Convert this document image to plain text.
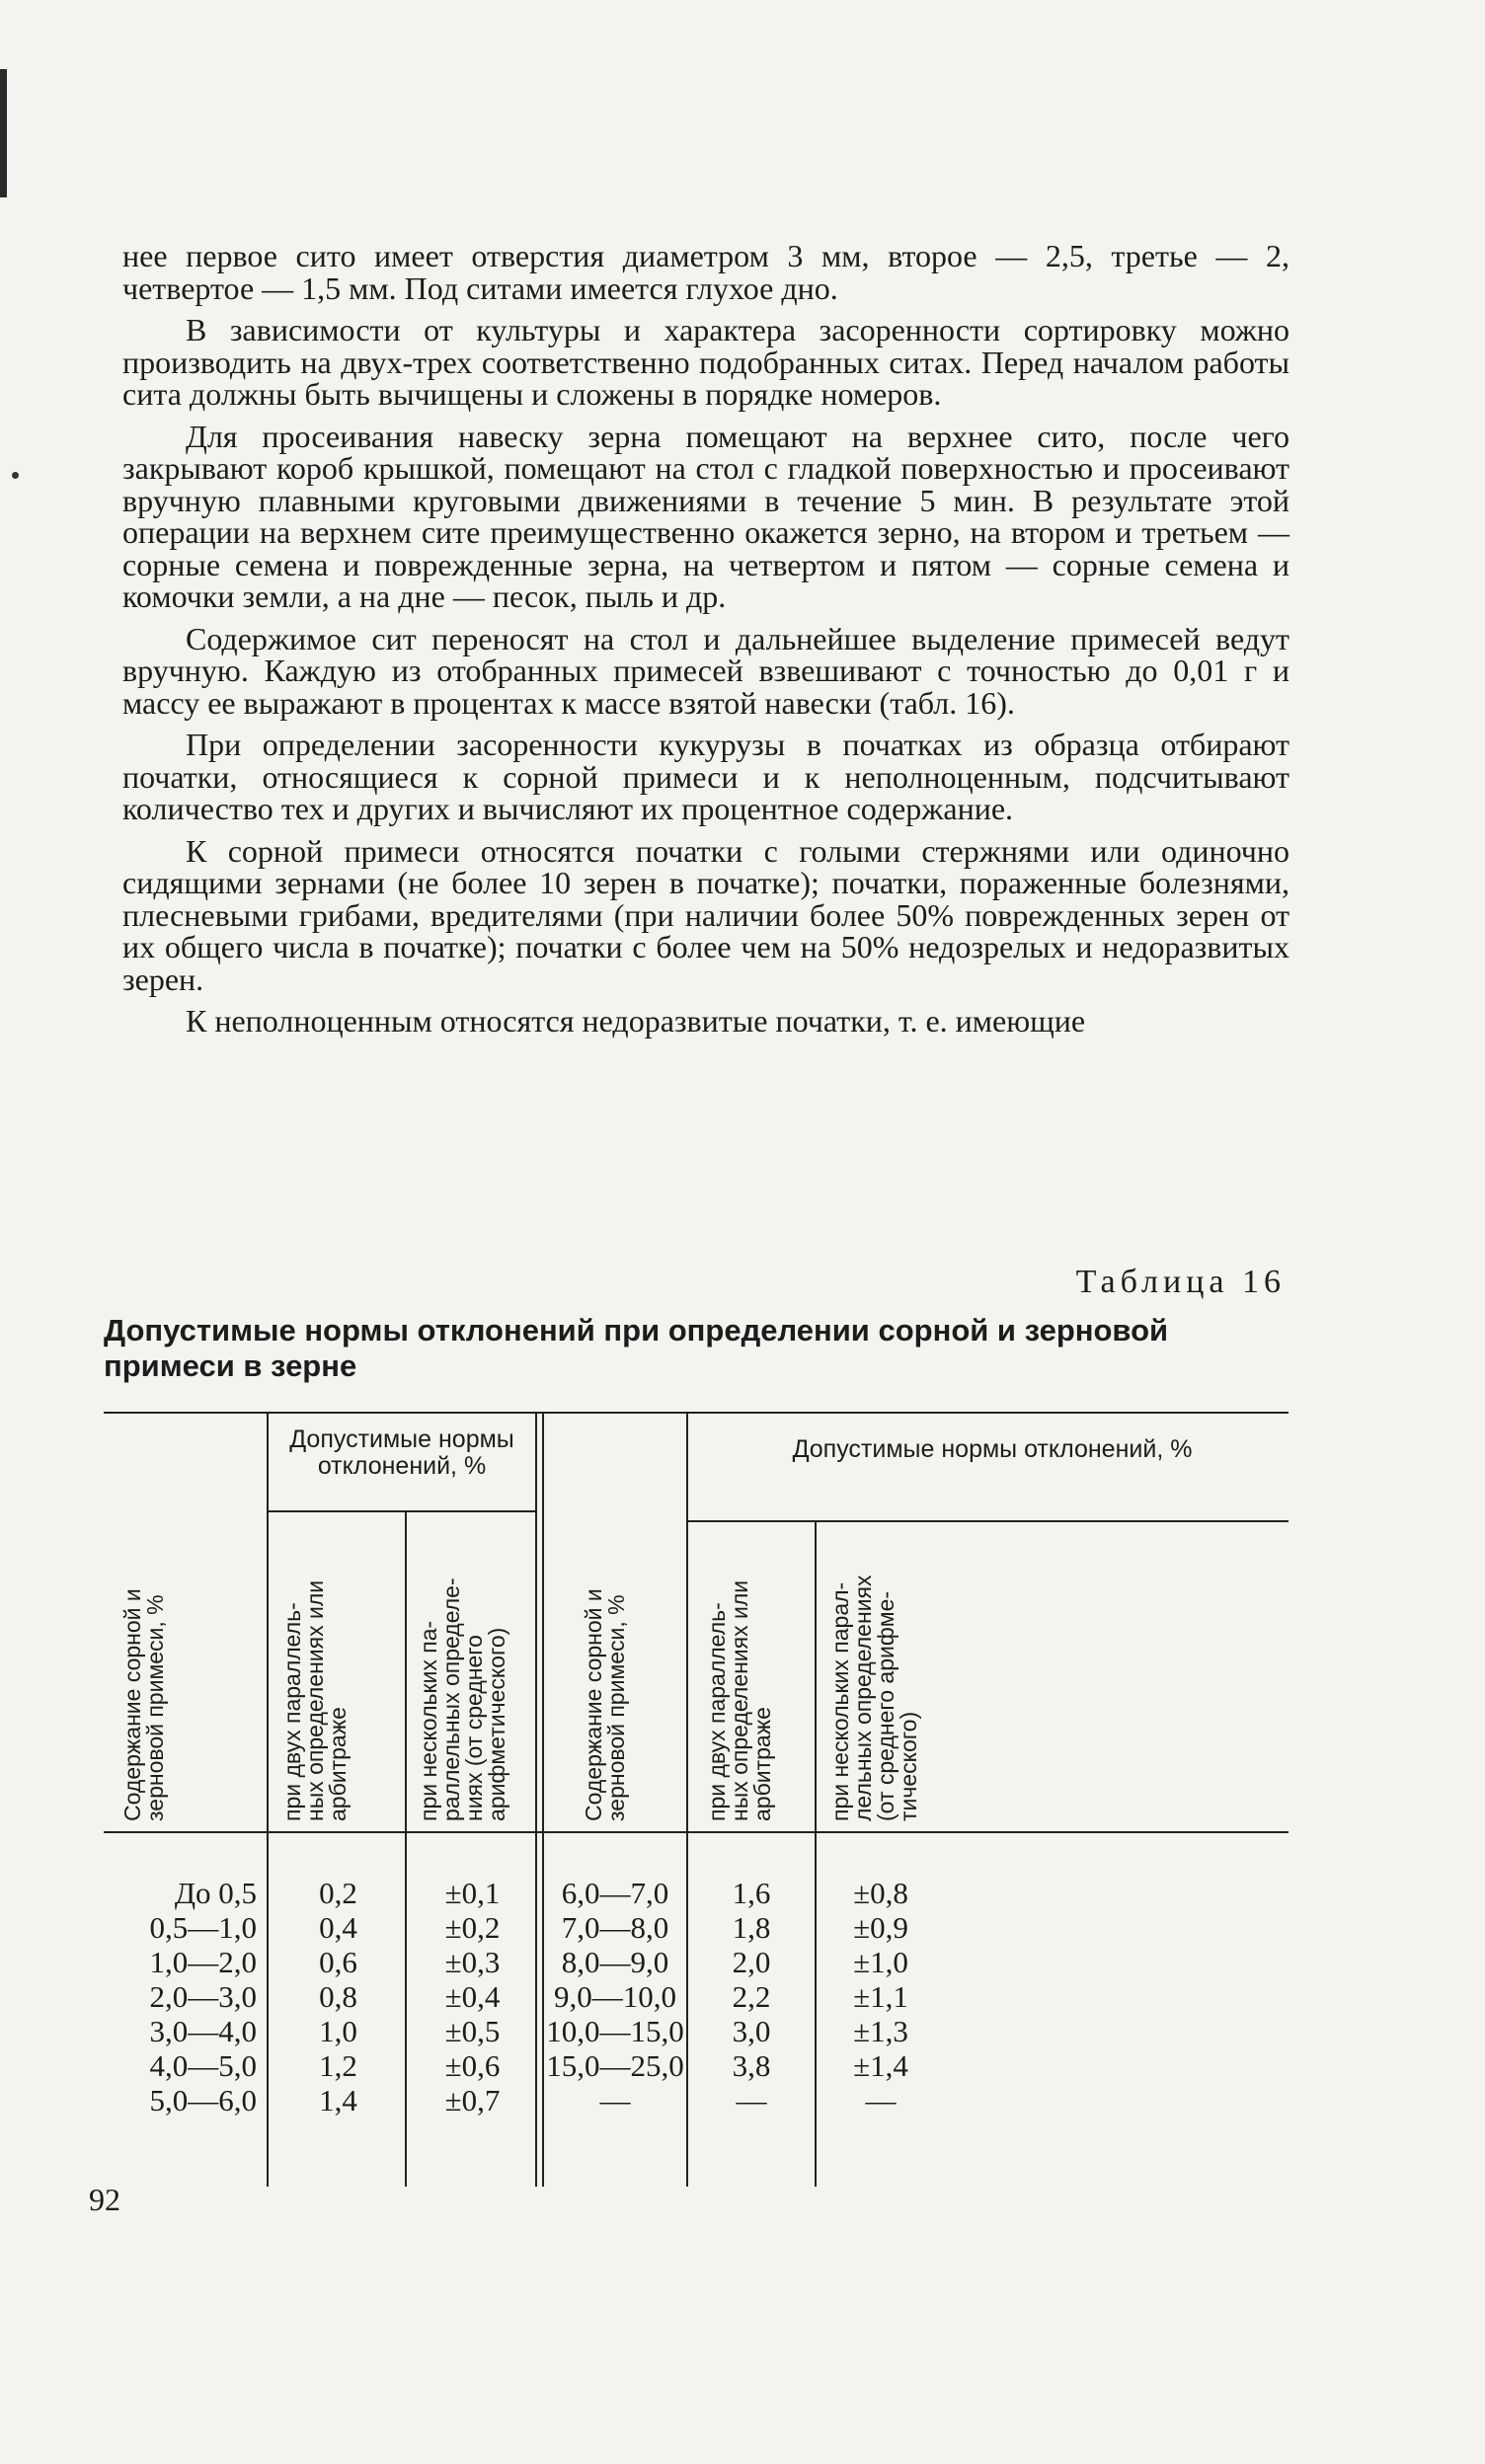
нее первое сито имеет отверстия диаметром 3 мм, второе — 2,5, третье — 2, четвертое — 1,5 мм. Под ситами имеется глухое дно.

В зависимости от культуры и характера засоренности сортировку можно производить на двух-трех соответственно подобранных ситах. Перед началом работы сита должны быть вычищены и сложены в порядке номеров.

Для просеивания навеску зерна помещают на верхнее сито, после чего закрывают короб крышкой, помещают на стол с гладкой поверхностью и просеивают вручную плавными круговыми движениями в течение 5 мин. В результате этой операции на верхнем сите преимущественно окажется зерно, на втором и третьем — сорные семена и поврежденные зерна, на четвертом и пятом — сорные семена и комочки земли, а на дне — песок, пыль и др.

Содержимое сит переносят на стол и дальнейшее выделение примесей ведут вручную. Каждую из отобранных примесей взвешивают с точностью до 0,01 г и массу ее выражают в процентах к массе взятой навески (табл. 16).

При определении засоренности кукурузы в початках из образца отбирают початки, относящиеся к сорной примеси и к неполноценным, подсчитывают количество тех и других и вычисляют их процентное содержание.

К сорной примеси относятся початки с голыми стержнями или одиночно сидящими зернами (не более 10 зерен в початке); початки, пораженные болезнями, плесневыми грибами, вредителями (при наличии более 50% поврежденных зерен от их общего числа в початке); початки с более чем на 50% недозрелых и недоразвитых зерен.

К неполноценным относятся недоразвитые початки, т. е. имеющие

Таблица 16

Допустимые нормы отклонений при определении сорной и зерновой примеси в зерне

Допустимые нормы отклонений, %
Допустимые нормы отклонений, %
Содержание сорной и
зерновой примеси, %
при двух параллель-
ных определениях или
арбитраже	при нескольких па-
раллельных определе-
ниях (от среднего
арифметического)	Содержание сорной и
зерновой примеси, %
при двух параллель-
ных определениях или
арбитраже при нескольких парал-
лельных определениях
(от среднего арифме-
тического)
До 0,5
0,5—1,0
1,0—2,0
2,0—3,0
3,0—4,0
4,0—5,0
5,0—6,0
0,2
0,4
0,6
0,8
1,0
1,2
1,4
±0,1
±0,2
±0,3
±0,4
±0,5
±0,6
±0,7
6,0—7,0
7,0—8,0
8,0—9,0
9,0—10,0
10,0—15,0
15,0—25,0
—
1,6
1,8
2,0
2,2
3,0
3,8
—
±0,8
±0,9
±1,0
±1,1
±1,3
±1,4
—
92
